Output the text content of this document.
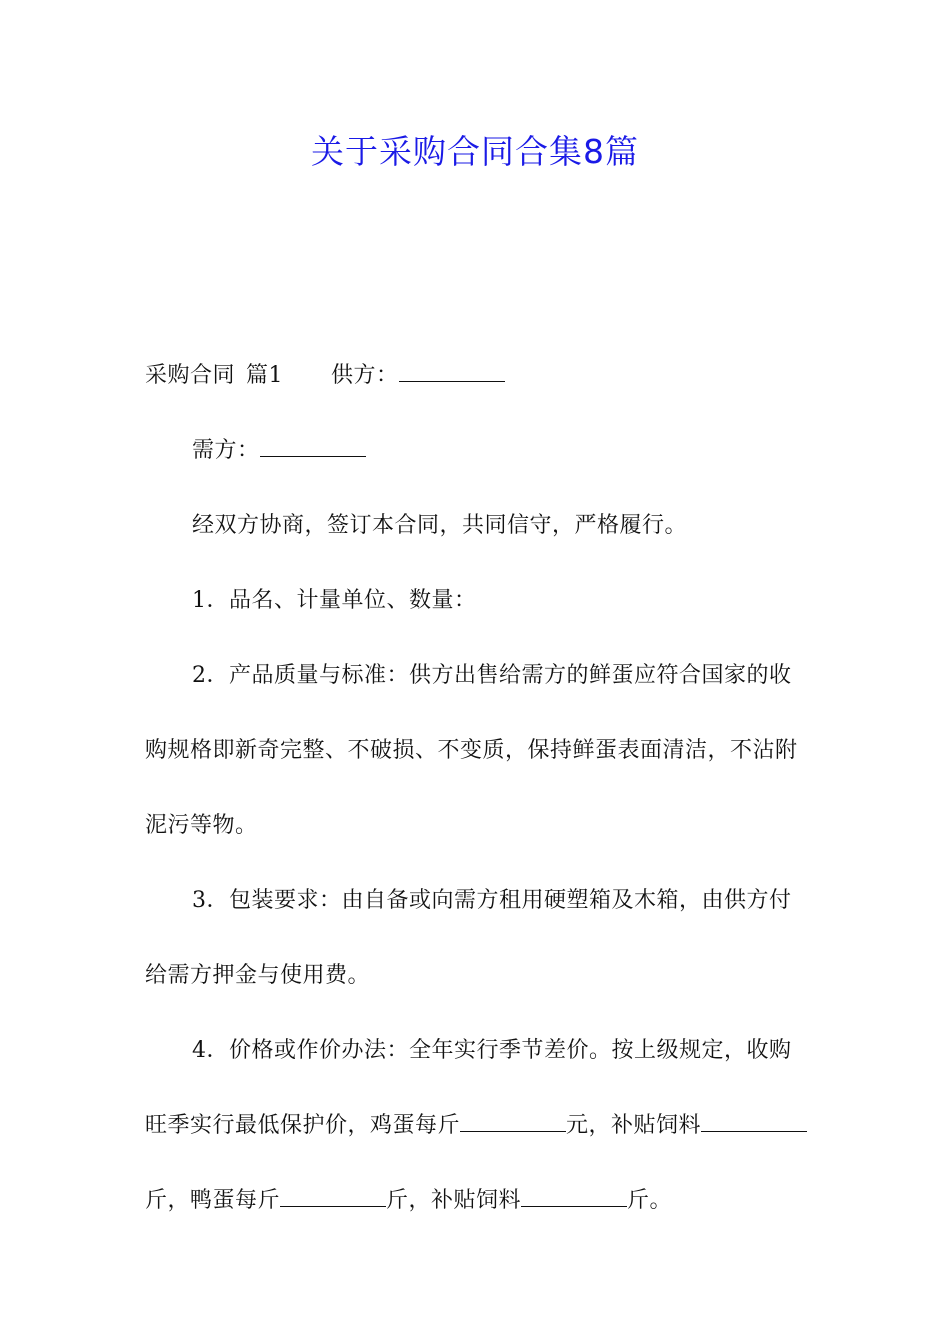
关于采购合同合集8篇

采购合同 篇1 供方：

需方：

经双方协商，签订本合同，共同信守，严格履行。

1．品名、计量单位、数量：

2．产品质量与标准：供方出售给需方的鲜蛋应符合国家的收购规格即新奇完整、不破损、不变质，保持鲜蛋表面清洁，不沾附泥污等物。

3．包装要求：由自备或向需方租用硬塑箱及木箱，由供方付给需方押金与使用费。

4．价格或作价办法：全年实行季节差价。按上级规定，收购旺季实行最低保护价，鸡蛋每斤	元，补贴饲料斤，鸭蛋每斤	斤，补贴饲料	斤。
